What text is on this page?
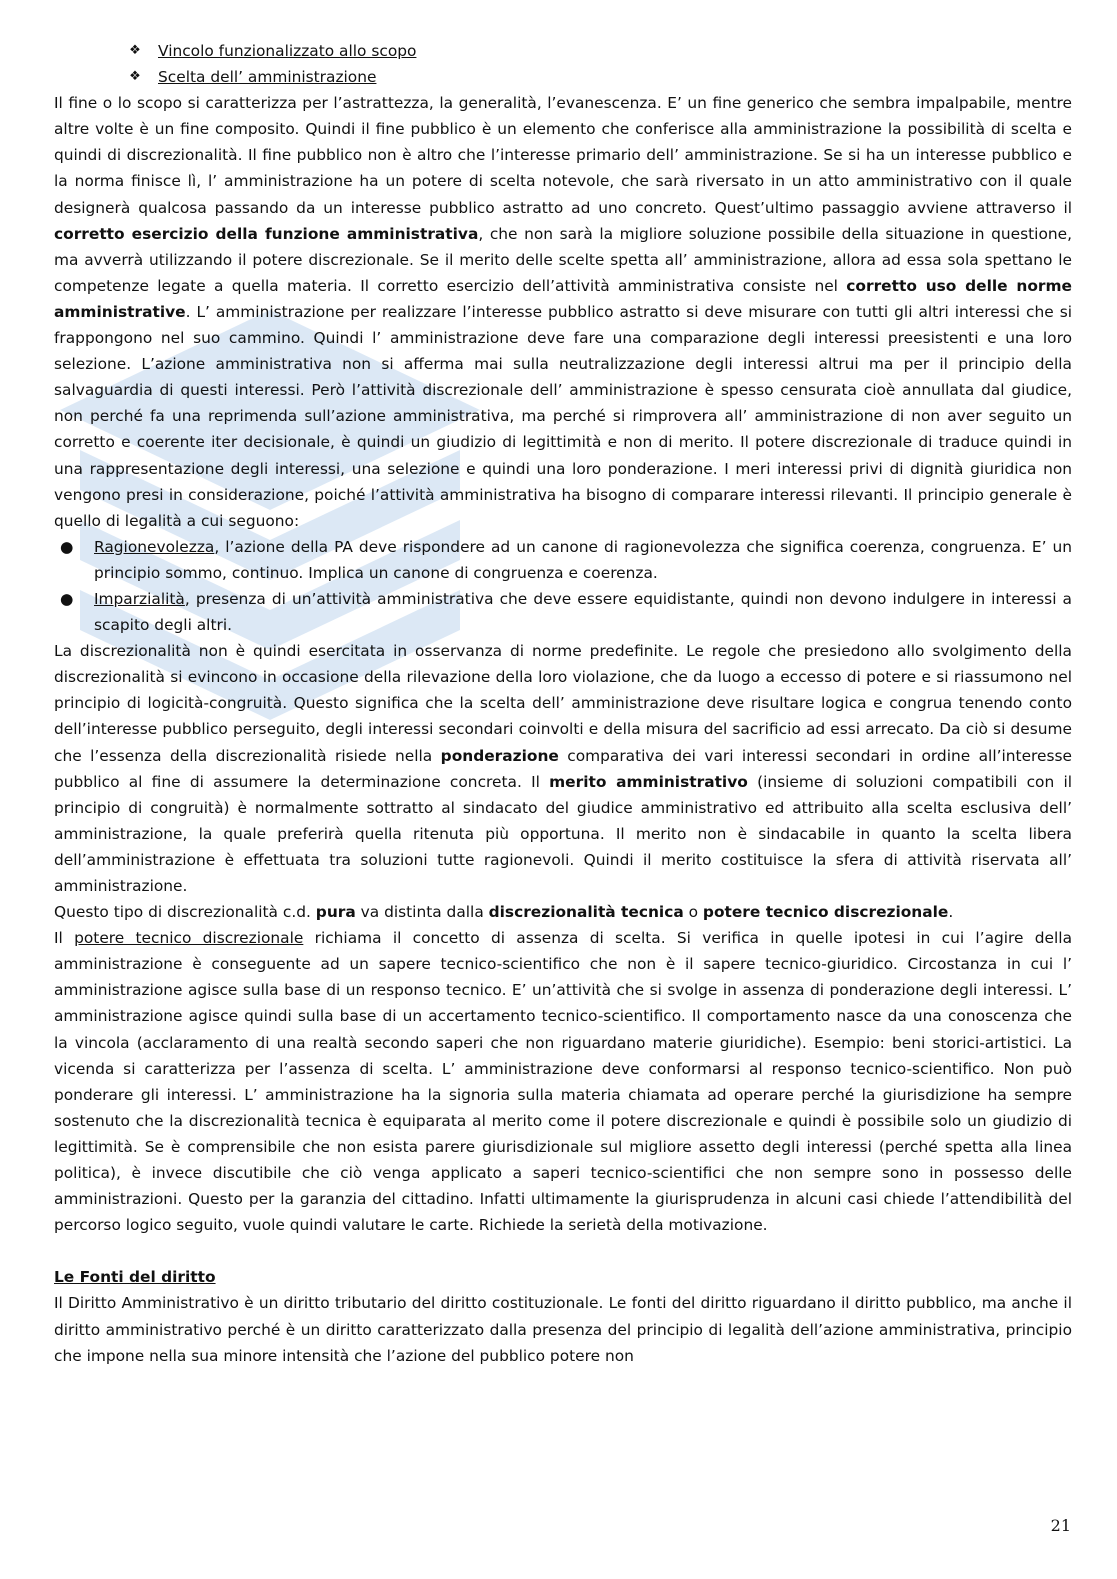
❖	Vincolo funzionalizzato allo scopo
❖	Scelta dell’ amministrazione

Il fine o lo scopo si caratterizza per l’astrattezza, la generalità, l’evanescenza. E’ un fine generico che sembra impalpabile, mentre altre volte è un fine composito. Quindi il fine pubblico è un elemento che conferisce alla amministrazione la possibilità di scelta e quindi di discrezionalità. Il fine pubblico non è altro che l’interesse primario dell’ amministrazione. Se si ha un interesse pubblico e la norma finisce lì, l’ amministrazione ha un potere di scelta notevole, che sarà riversato in un atto amministrativo con il quale designerà qualcosa passando da un interesse pubblico astratto ad uno concreto. Quest’ultimo passaggio avviene attraverso il corretto esercizio della funzione amministrativa, che non sarà la migliore soluzione possibile della situazione in questione, ma avverrà utilizzando il potere discrezionale. Se il merito delle scelte spetta all’ amministrazione, allora ad essa sola spettano le competenze legate a quella materia. Il corretto esercizio dell’attività amministrativa consiste nel corretto uso delle norme amministrative. L’ amministrazione per realizzare l’interesse pubblico astratto si deve misurare con tutti gli altri interessi che si frappongono nel suo cammino. Quindi l’ amministrazione deve fare una comparazione degli interessi preesistenti e una loro selezione. L’azione amministrativa non si afferma mai sulla neutralizzazione degli interessi altrui ma per il principio della salvaguardia di questi interessi. Però l’attività discrezionale dell’ amministrazione è spesso censurata cioè annullata dal giudice, non perché fa una reprimenda sull’azione amministrativa, ma perché si rimprovera all’ amministrazione di non aver seguito un corretto e coerente iter decisionale, è quindi un giudizio di legittimità e non di merito. Il potere discrezionale di traduce quindi in una rappresentazione degli interessi, una selezione e quindi una loro ponderazione. I meri interessi privi di dignità giuridica non vengono presi in considerazione, poiché l’attività amministrativa ha bisogno di comparare interessi rilevanti. Il principio generale è quello di legalità a cui seguono:

● Ragionevolezza, l’azione della PA deve rispondere ad un canone di ragionevolezza che significa coerenza, congruenza. E’ un principio sommo, continuo. Implica un canone di congruenza e coerenza.
● Imparzialità, presenza di un’attività amministrativa che deve essere equidistante, quindi non devono indulgere in interessi a scapito degli altri.

La discrezionalità non è quindi esercitata in osservanza di norme predefinite. Le regole che presiedono allo svolgimento della discrezionalità si evincono in occasione della rilevazione della loro violazione, che da luogo a eccesso di potere e si riassumono nel principio di logicità-congruità. Questo significa che la scelta dell’ amministrazione deve risultare logica e congrua tenendo conto dell’interesse pubblico perseguito, degli interessi secondari coinvolti e della misura del sacrificio ad essi arrecato. Da ciò si desume che l’essenza della discrezionalità risiede nella ponderazione comparativa dei vari interessi secondari in ordine all’interesse pubblico al fine di assumere la determinazione concreta. Il merito amministrativo (insieme di soluzioni compatibili con il principio di congruità) è normalmente sottratto al sindacato del giudice amministrativo ed attribuito alla scelta esclusiva dell’ amministrazione, la quale preferirà quella ritenuta più opportuna. Il merito non è sindacabile in quanto la scelta libera dell’amministrazione è effettuata tra soluzioni tutte ragionevoli. Quindi il merito costituisce la sfera di attività riservata all’ amministrazione.

Questo tipo di discrezionalità c.d. pura va distinta dalla discrezionalità tecnica o potere tecnico discrezionale.

Il potere tecnico discrezionale richiama il concetto di assenza di scelta. Si verifica in quelle ipotesi in cui l’agire della amministrazione è conseguente ad un sapere tecnico-scientifico che non è il sapere tecnico-giuridico. Circostanza in cui l’ amministrazione agisce sulla base di un responso tecnico. E’ un’attività che si svolge in assenza di ponderazione degli interessi. L’ amministrazione agisce quindi sulla base di un accertamento tecnico-scientifico. Il comportamento nasce da una conoscenza che la vincola (acclaramento di una realtà secondo saperi che non riguardano materie giuridiche). Esempio: beni storici-artistici. La vicenda si caratterizza per l’assenza di scelta. L’ amministrazione deve conformarsi al responso tecnico-scientifico. Non può ponderare gli interessi. L’ amministrazione ha la signoria sulla materia chiamata ad operare perché la giurisdizione ha sempre sostenuto che la discrezionalità tecnica è equiparata al merito come il potere discrezionale e quindi è possibile solo un giudizio di legittimità. Se è comprensibile che non esista parere giurisdizionale sul migliore assetto degli interessi (perché spetta alla linea politica), è invece discutibile che ciò venga applicato a saperi tecnico-scientifici che non sempre sono in possesso delle amministrazioni. Questo per la garanzia del cittadino. Infatti ultimamente la giurisprudenza in alcuni casi chiede l’attendibilità del percorso logico seguito, vuole quindi valutare le carte. Richiede la serietà della motivazione.

Le Fonti del diritto

Il Diritto Amministrativo è un diritto tributario del diritto costituzionale. Le fonti del diritto riguardano il diritto pubblico, ma anche il diritto amministrativo perché è un diritto caratterizzato dalla presenza del principio di legalità dell’azione amministrativa, principio che impone nella sua minore intensità che l’azione del pubblico potere non

21
